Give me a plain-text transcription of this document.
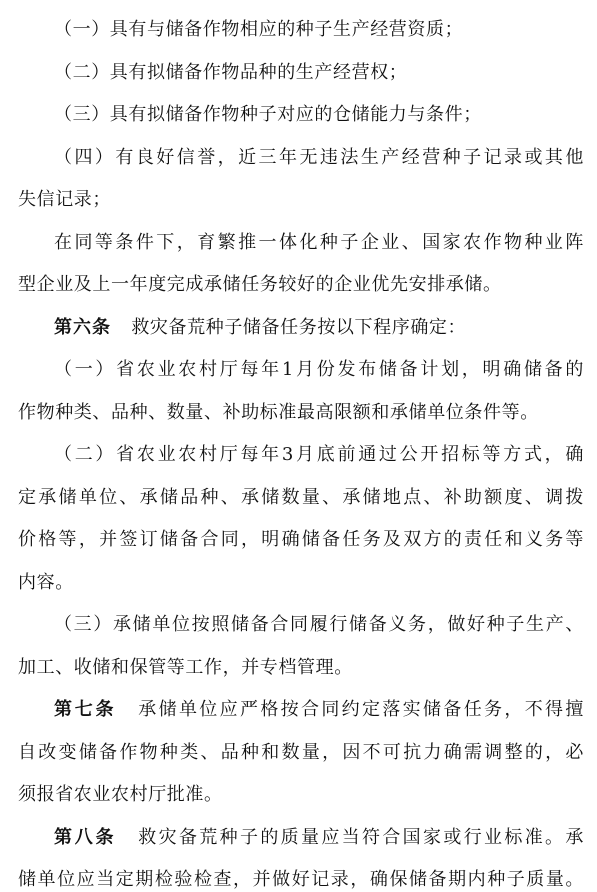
（一）具有与储备作物相应的种子生产经营资质；
（二）具有拟储备作物品种的生产经营权；
（三）具有拟储备作物种子对应的仓储能力与条件；
（四）有良好信誉，近三年无违法生产经营种子记录或其他
失信记录；
在同等条件下，育繁推一体化种子企业、国家农作物种业阵
型企业及上一年度完成承储任务较好的企业优先安排承储。
第六条 救灾备荒种子储备任务按以下程序确定：
（一）省农业农村厅每年1月份发布储备计划，明确储备的
作物种类、品种、数量、补助标准最高限额和承储单位条件等。
（二）省农业农村厅每年3月底前通过公开招标等方式，确
定承储单位、承储品种、承储数量、承储地点、补助额度、调拨
价格等，并签订储备合同，明确储备任务及双方的责任和义务等
内容。
（三）承储单位按照储备合同履行储备义务，做好种子生产、
加工、收储和保管等工作，并专档管理。
第七条 承储单位应严格按合同约定落实储备任务，不得擅
自改变储备作物种类、品种和数量，因不可抗力确需调整的，必
须报省农业农村厅批准。
第八条 救灾备荒种子的质量应当符合国家或行业标准。承
储单位应当定期检验检查，并做好记录，确保储备期内种子质量。
